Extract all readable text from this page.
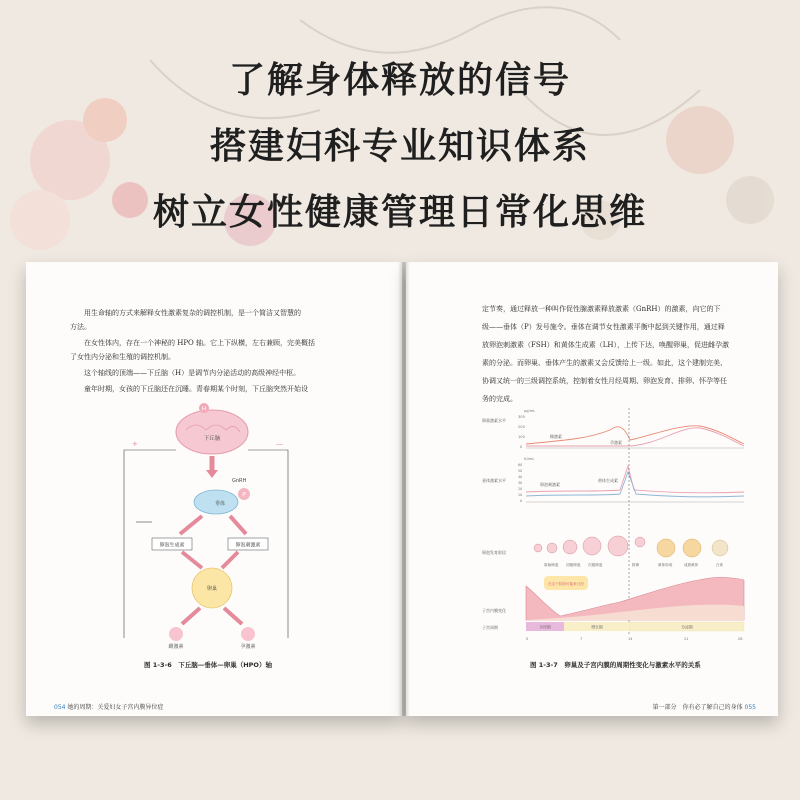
了解身体释放的信号
搭建妇科专业知识体系
树立女性健康管理日常化思维
用生命轴的方式来解释女性激素复杂的调控机制，是一个简洁又智慧的
方法。
在女性体内，存在一个神秘的 HPO 轴。它上下纵横，左右兼顾，完美概括
了女性内分泌和生殖的调控机制。
这个轴线的顶端——下丘脑（H）是调节内分泌活动的高级神经中枢。
童年时期，女孩的下丘脑还在沉睡。青春期某个时刻，下丘脑突然开始设
H
下丘脑
GnRH
P
垂体
卵泡生成素	卵泡刺激素
卵巢
雌激素	孕激素
+	—
图 1-3-6　下丘脑—垂体—卵巢（HPO）轴
054 她的周期：关爱妇女子宫内膜异位症
定节奏，通过释放一种叫作促性腺激素释放激素（GnRH）的激素，向它的下
级——垂体（P）发号施令。垂体在调节女性激素平衡中起到关键作用，通过释
放卵泡刺激素（FSH）和黄体生成素（LH），上传下达，唤醒卵巢，促进雌孕激
素的分泌。而卵巢、垂体产生的激素又会反馈给上一级。如此，这个建制完美、
协调又统一的三级调控系统，控制着女性月经周期、卵泡发育、排卵、怀孕等任
务的完成。
卵巢激素水平
pg/mL
300
200
100
0
雌激素
孕激素
垂体激素水平
IU/mL
60
50
40
30
20
10
0
卵泡刺激素
黄体生成素
卵泡发育阶段
原始卵泡 初级卵泡 次级卵泡	排卵	黄体形成	成熟黄体	白体
子宫内膜变化
在这个阶段可能来月经
子宫周期	月经期	增生期	分泌期
0	7	14	21	28
图 1-3-7　卵巢及子宫内膜的周期性变化与激素水平的关系
第一部分　你有必了解自己的身体 055
